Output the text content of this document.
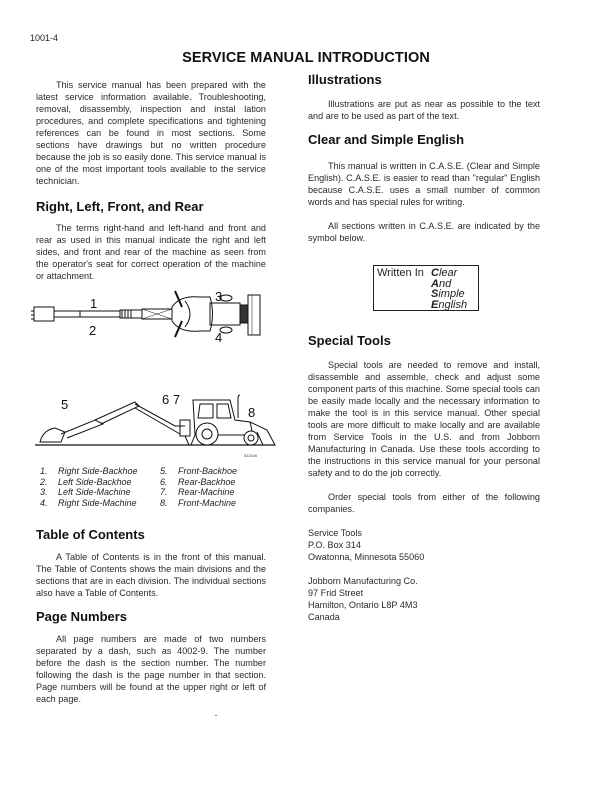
1001-4
SERVICE MANUAL INTRODUCTION

This service manual has been prepared with the latest service information available. Troubleshooting, removal, disassembly, inspection and instal lation procedures, and complete specifications and tightening references can be found in most sections. Some sections have drawings but no written procedure because the job is so easily done. This service manual is one of the most important tools available to the service technician.

Right, Left, Front, and Rear

The terms right-hand and left-hand and front and rear as used in this manual indicate the right and left sides, and front and rear of the machine as seen from the operator's seat for correct operation of the machine or attachment.

1
2
3
4
5	6 7
8
811546
1.	Right Side-Backhoe 5.	Front-Backhoe
2.	Left Side-Backhoe	6.	Rear-Backhoe
3.	Left Side-Machine	7.	Rear-Machine
4.	Right Side-Machine	8.	Front-Machine
Table of Contents

A Table of Contents is in the front of this manual. The Table of Contents shows the main divisions and the sections that are in each division. The individual sections also have a Table of Contents.

Page Numbers

All page numbers are made of two numbers separated by a dash, such as 4002-9. The number before the dash is the section number. The number following the dash is the page number in that section. Page numbers will be found at the upper right or left of each page.

Illustrations

Illustrations are put as near as possible to the text and are to be used as part of the text.

Clear and Simple English

This manual is written in C.A.S.E. (Clear and Simple English). C.A.S.E. is easier to read than "regular" English because C.A.S.E. uses a small number of common words and has special rules for writing.

All sections written in C.A.S.E. are indicated by the symbol below.

Written In Clear
And
Simple
English
Special Tools

Special tools are needed to remove and install, disassemble and assemble, check and adjust some component parts of this machine. Some special tools can be easily made locally and the necessary information to make the tool is in this service manual. Other special tools are more difficult to make locally and are available from Service Tools in the U.S. and from Jobborn Manufacturing in Canada. Use these tools according to the instructions in this service manual for your personal safety and to do the job correctly.

Order special tools from either of the following companies.

Service Tools
P.O. Box 314
Owatonna, Minnesota 55060
Jobborn Manufacturing Co.
97 Frid Street
Hamilton, Ontario L8P 4M3
Canada
